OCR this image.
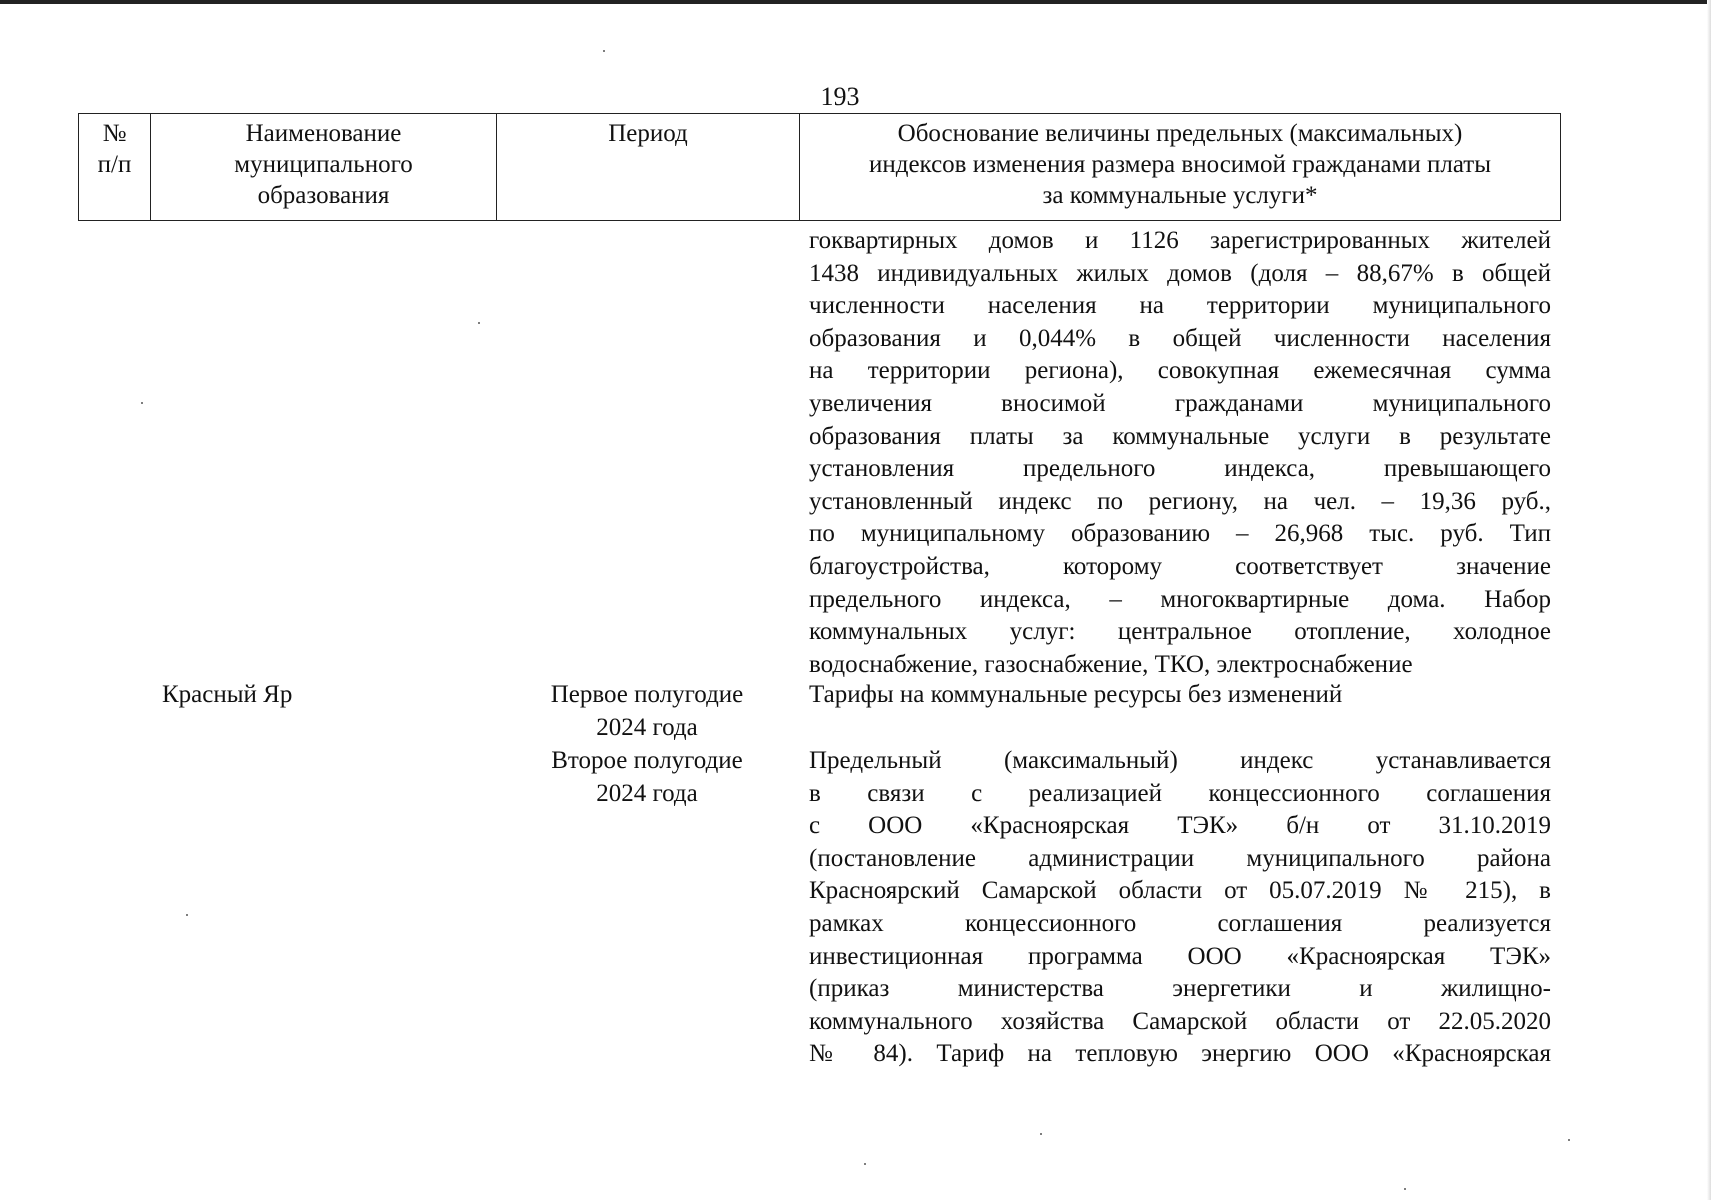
193
№
п/п
Наименование
муниципального
образования
Период	Обоснование величины предельных (максимальных)
индексов изменения размера вносимой гражданами платы
за коммунальные услуги*
гоквартирных домов и 1126 зарегистрированных жителей
1438 индивидуальных жилых домов (доля – 88,67% в общей
численности населения на территории муниципального
образования и 0,044% в общей численности населения
на территории региона), совокупная ежемесячная сумма
увеличения вносимой гражданами муниципального
образования платы за коммунальные услуги в результате
установления предельного индекса, превышающего
установленный индекс по региону, на чел. – 19,36 руб.,
по муниципальному образованию – 26,968 тыс. руб. Тип
благоустройства, которому соответствует значение
предельного индекса, – многоквартирные дома. Набор
коммунальных услуг: центральное отопление, холодное
водоснабжение, газоснабжение, ТКО, электроснабжение
Красный Яр	Первое полугодие
2024 года
Тарифы на коммунальные ресурсы без изменений
Второе полугодие
2024 года
Предельный (максимальный) индекс устанавливается
в связи с реализацией концессионного соглашения
с ООО «Красноярская ТЭК» б/н от 31.10.2019
(постановление администрации муниципального района
Красноярский Самарской области от 05.07.2019 № 215), в
рамках концессионного соглашения реализуется
инвестиционная программа ООО «Красноярская ТЭК»
(приказ министерства энергетики и жилищно-
коммунального хозяйства Самарской области от 22.05.2020
№ 84). Тариф на тепловую энергию ООО «Красноярская
